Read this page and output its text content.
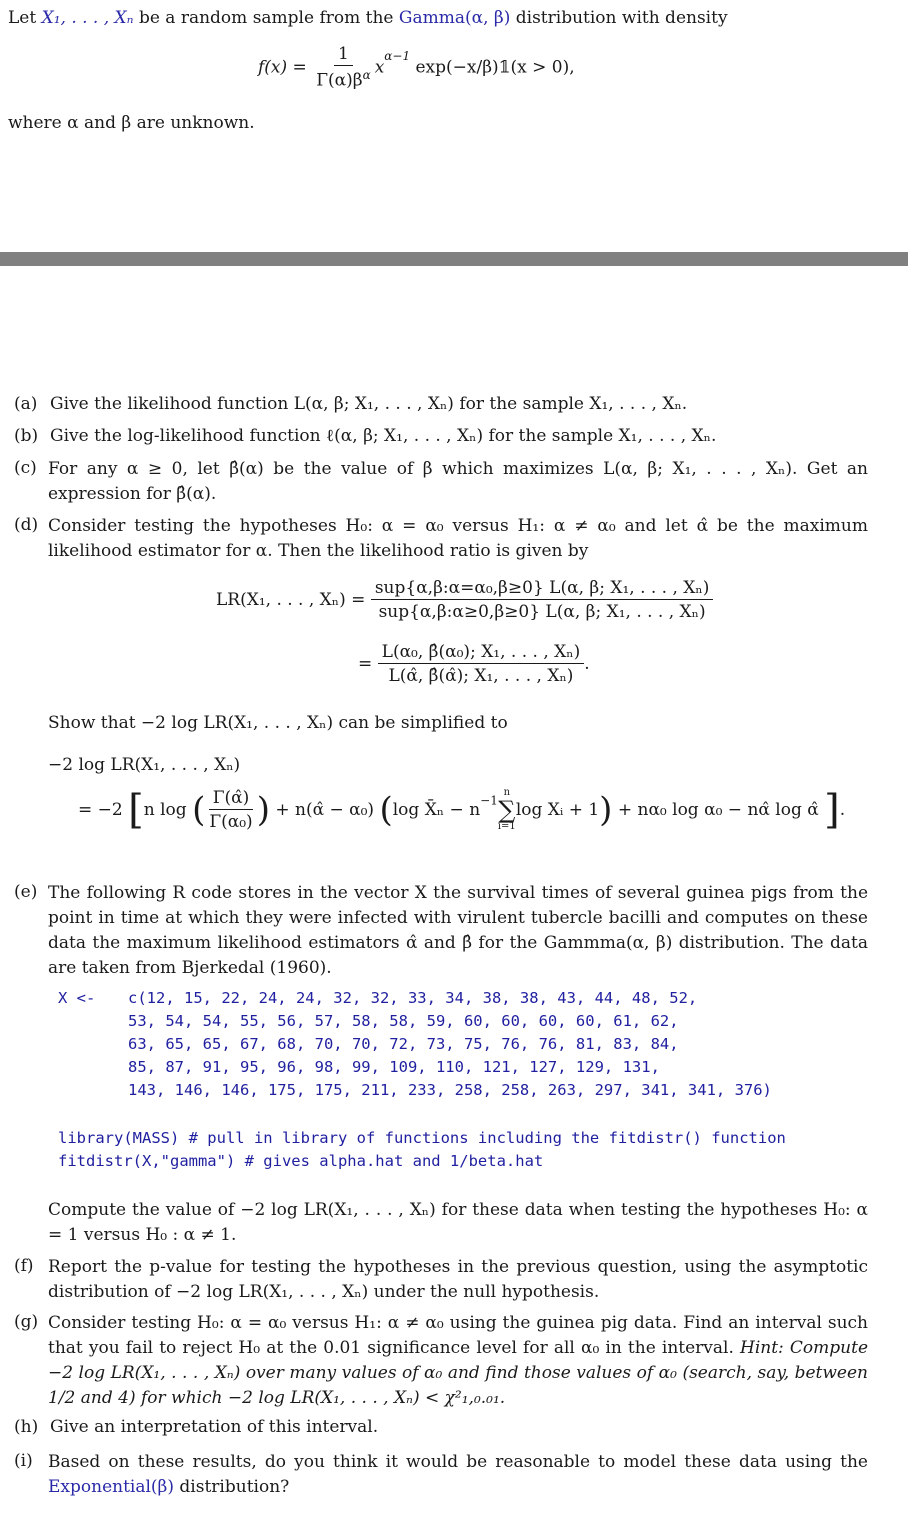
Let X₁, . . . , Xₙ be a random sample from the Gamma(α, β) distribution with density
$f(x) = \frac{1}{\Gamma(\alpha)\beta^\alpha} x^{\alpha-1}$ exp(−x/β)𝟙(x > 0),
where α and β are unknown.
(a) Give the likelihood function L(α, β; X₁, . . . , Xₙ) for the sample X₁, . . . , Xₙ.
(b) Give the log-likelihood function ℓ(α, β; X₁, . . . , Xₙ) for the sample X₁, . . . , Xₙ.
(c) For any α ≥ 0, let β̂(α) be the value of β which maximizes L(α, β; X₁, . . . , Xₙ). Get an expression for β̂(α).
(d) Consider testing the hypotheses H₀: α = α₀ versus H₁: α ≠ α₀ and let α̂ be the maximum likelihood estimator for α. Then the likelihood ratio is given by
LR(X₁, . . . , $X_n) = \frac{\text{sup\{α,β:α=α₀,β≥0\} L(α, β; X₁, . . . , Xₙ)}}{\text{sup\{α,β:α≥0,β≥0\} L(α, β; X₁, . . . , Xₙ)}}$
= $\frac{\text{L(α₀, β̂(α₀); X₁, . . . , Xₙ)}}{\text{L(α̂, β̂(α̂); X₁, . . . , Xₙ)}}$ .
Show that −2 log LR(X₁, . . . , Xₙ) can be simplified to
−2 log LR(X₁, . . . , Xₙ)
= −2 [n log ( $\frac{\Gamma(\alphâ)}{\text{Γ(α₀)}}$ ) + n(α̂ − α₀) (log X̄ₙ − $n^{-1}$
n
∑
i=1
log Xᵢ + 1) + nα₀ log α₀ − nα̂ log α̂ ].
(e) The following R code stores in the vector X the survival times of several guinea pigs from the point in time at which they were infected with virulent tubercle bacilli and computes on these data the maximum likelihood estimators α̂ and β̂ for the Gammma(α, β) distribution. The data are taken from Bjerkedal (1960).
X <- c(12, 15, 22, 24, 24, 32, 32, 33, 34, 38, 38, 43, 44, 48, 52,
53, 54, 54, 55, 56, 57, 58, 58, 59, 60, 60, 60, 60, 61, 62,
63, 65, 65, 67, 68, 70, 70, 72, 73, 75, 76, 76, 81, 83, 84,
85, 87, 91, 95, 96, 98, 99, 109, 110, 121, 127, 129, 131,
143, 146, 146, 175, 175, 211, 233, 258, 258, 263, 297, 341, 341, 376)
library(MASS) # pull in library of functions including the fitdistr() function
fitdistr(X,"gamma") # gives alpha.hat and 1/beta.hat
Compute the value of −2 log LR(X₁, . . . , Xₙ) for these data when testing the hypotheses H₀: α = 1 versus H₀ : α ≠ 1.
(f) Report the p-value for testing the hypotheses in the previous question, using the asymptotic distribution of −2 log LR(X₁, . . . , Xₙ) under the null hypothesis.
(g) Consider testing H₀: α = α₀ versus H₁: α ≠ α₀ using the guinea pig data. Find an interval such that you fail to reject H₀ at the 0.01 significance level for all α₀ in the interval. Hint: Compute −2 log LR(X₁, . . . , Xₙ) over many values of α₀ and find those values of α₀ (search, say, between 1/2 and 4) for which −2 log LR(X₁, . . . , Xₙ) < χ²₁,₀.₀₁.
(h) Give an interpretation of this interval.
(i) Based on these results, do you think it would be reasonable to model these data using the Exponential(β) distribution?
